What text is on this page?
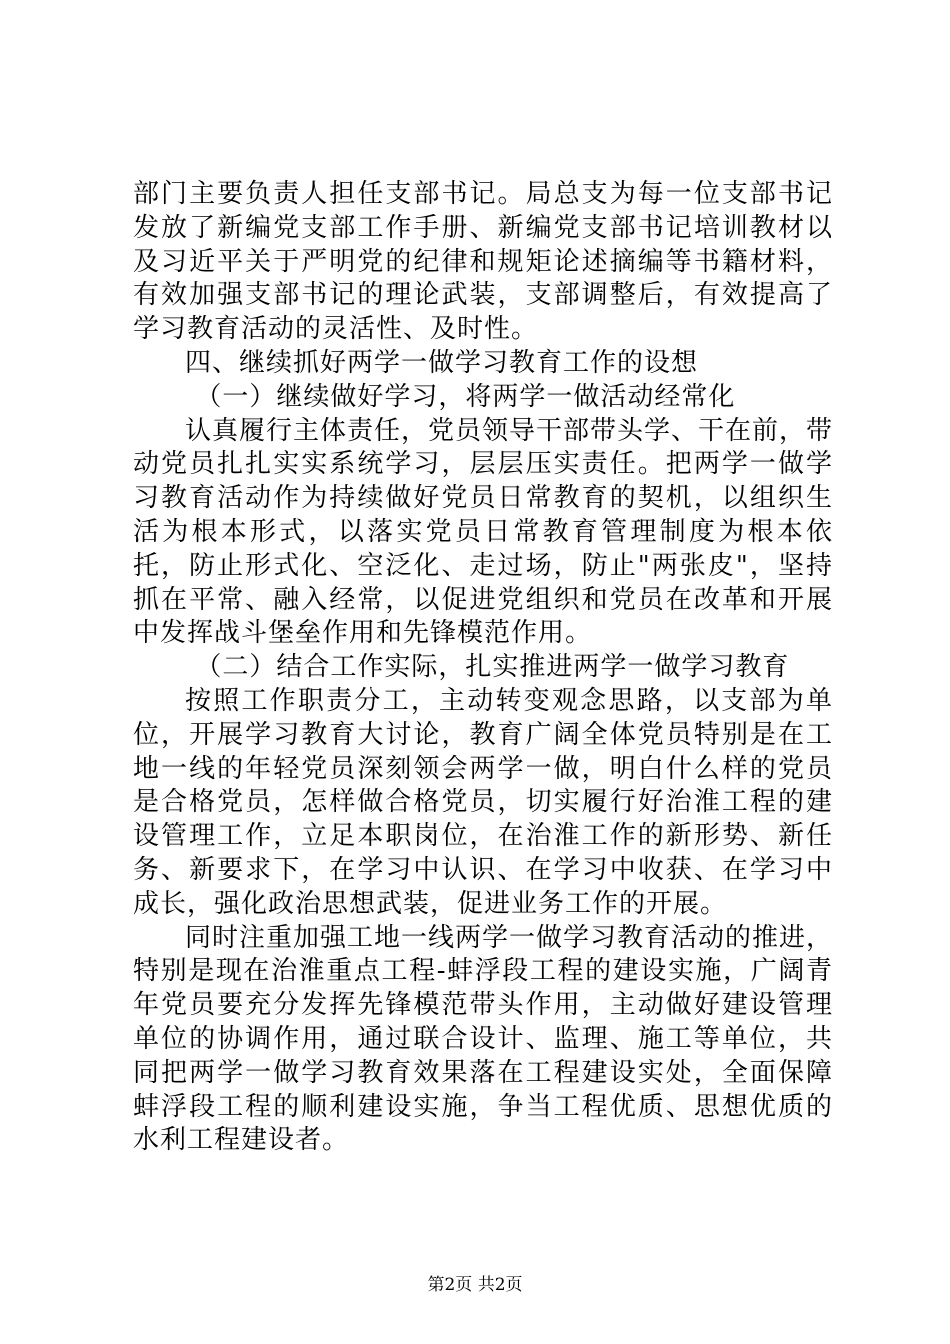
部门主要负责人担任支部书记。局总支为每一位支部书记发放了新编党支部工作手册、新编党支部书记培训教材以及习近平关于严明党的纪律和规矩论述摘编等书籍材料，有效加强支部书记的理论武装，支部调整后，有效提高了学习教育活动的灵活性、及时性。

四、继续抓好两学一做学习教育工作的设想

（一）继续做好学习，将两学一做活动经常化

认真履行主体责任，党员领导干部带头学、干在前，带动党员扎扎实实系统学习，层层压实责任。把两学一做学习教育活动作为持续做好党员日常教育的契机，以组织生活为根本形式，以落实党员日常教育管理制度为根本依托，防止形式化、空泛化、走过场，防止"两张皮"，坚持抓在平常、融入经常，以促进党组织和党员在改革和开展中发挥战斗堡垒作用和先锋模范作用。

（二）结合工作实际，扎实推进两学一做学习教育

按照工作职责分工，主动转变观念思路，以支部为单位，开展学习教育大讨论，教育广阔全体党员特别是在工地一线的年轻党员深刻领会两学一做，明白什么样的党员是合格党员，怎样做合格党员，切实履行好治淮工程的建设管理工作，立足本职岗位，在治淮工作的新形势、新任务、新要求下，在学习中认识、在学习中收获、在学习中成长，强化政治思想武装，促进业务工作的开展。

同时注重加强工地一线两学一做学习教育活动的推进，特别是现在治淮重点工程-蚌浮段工程的建设实施，广阔青年党员要充分发挥先锋模范带头作用，主动做好建设管理单位的协调作用，通过联合设计、监理、施工等单位，共同把两学一做学习教育效果落在工程建设实处，全面保障蚌浮段工程的顺利建设实施，争当工程优质、思想优质的水利工程建设者。

第2页 共2页
